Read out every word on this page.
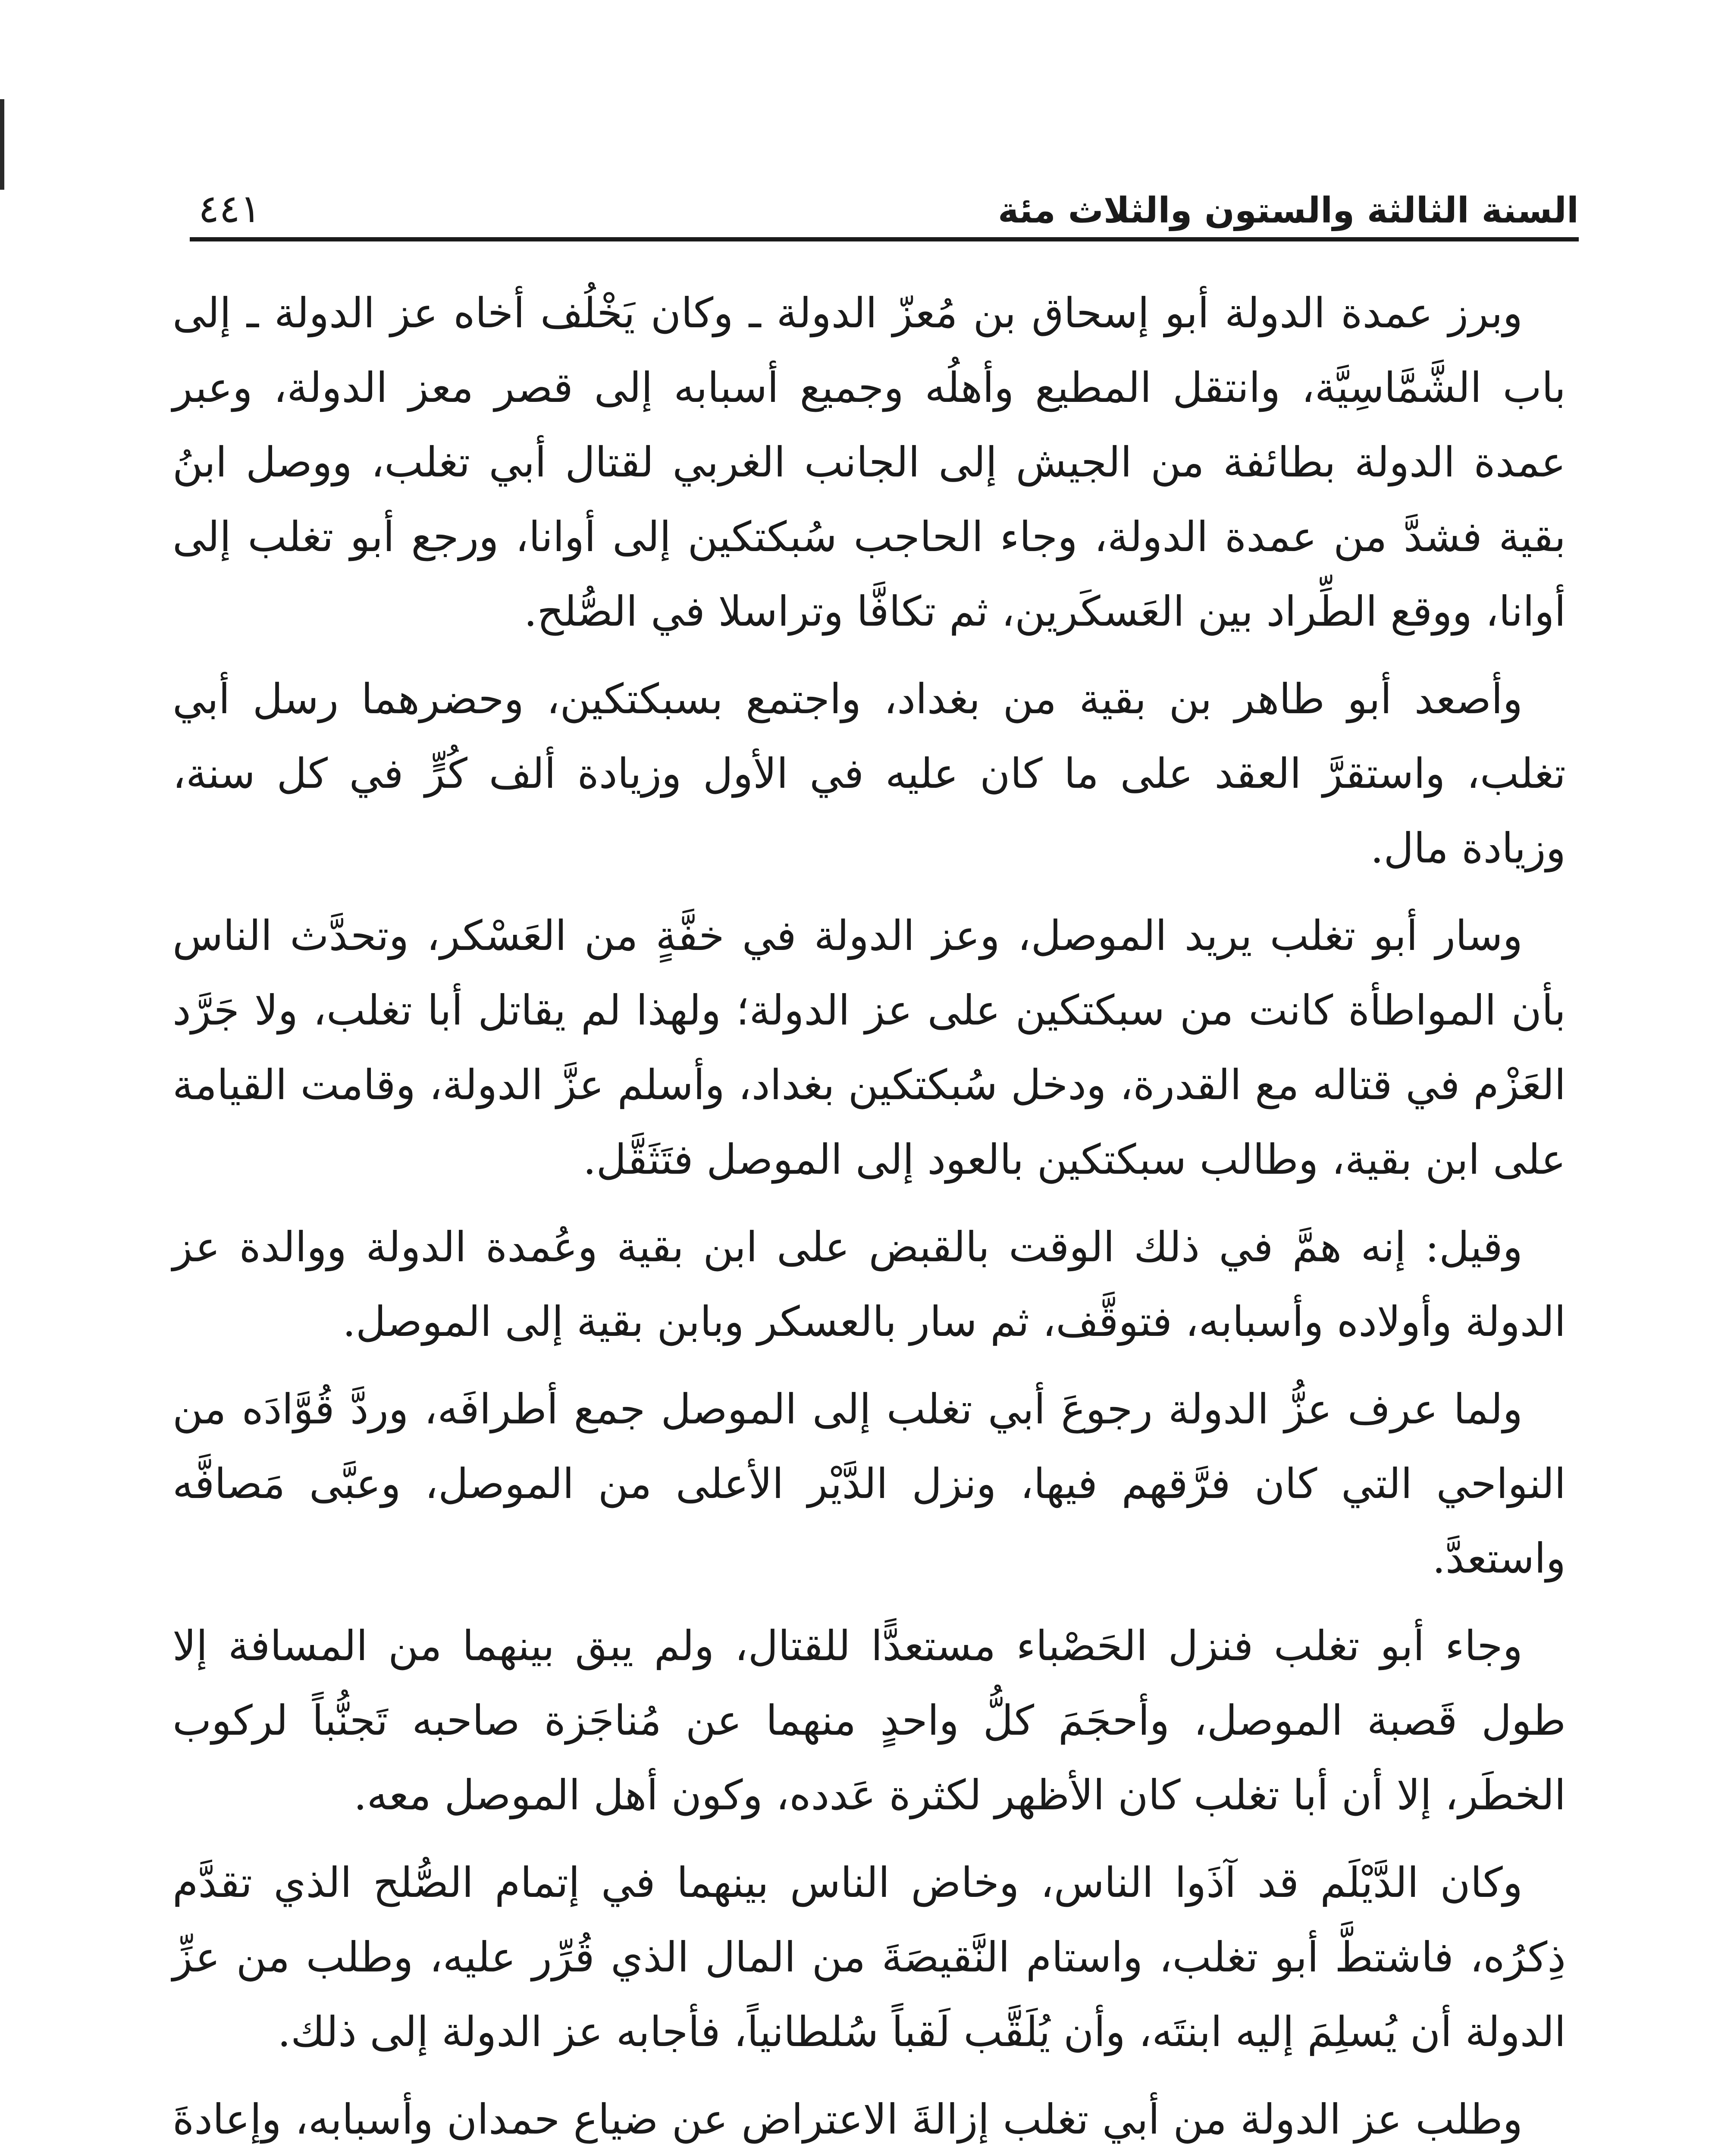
السنة الثالثة والستون والثلاث مئة
٤٤١

وبرز عمدة الدولة أبو إسحاق بن مُعزّ الدولة ـ وكان يَخْلُف أخاه عز الدولة ـ إلى باب الشَّمَّاسِيَّة، وانتقل المطيع وأهلُه وجميع أسبابه إلى قصر معز الدولة، وعبر عمدة الدولة بطائفة من الجيش إلى الجانب الغربي لقتال أبي تغلب، ووصل ابنُ بقية فشدَّ من عمدة الدولة، وجاء الحاجب سُبكتكين إلى أوانا، ورجع أبو تغلب إلى أوانا، ووقع الطِّراد بين العَسكَرين، ثم تكافَّا وتراسلا في الصُّلح.

وأصعد أبو طاهر بن بقية من بغداد، واجتمع بسبكتكين، وحضرهما رسل أبي تغلب، واستقرَّ العقد على ما كان عليه في الأول وزيادة ألف كُرٍّ في كل سنة، وزيادة مال.

وسار أبو تغلب يريد الموصل، وعز الدولة في خفَّةٍ من العَسْكر، وتحدَّث الناس بأن المواطأة كانت من سبكتكين على عز الدولة؛ ولهذا لم يقاتل أبا تغلب، ولا جَرَّد العَزْم في قتاله مع القدرة، ودخل سُبكتكين بغداد، وأسلم عزَّ الدولة، وقامت القيامة على ابن بقية، وطالب سبكتكين بالعود إلى الموصل فتَثَقَّل.

وقيل: إنه همَّ في ذلك الوقت بالقبض على ابن بقية وعُمدة الدولة ووالدة عز الدولة وأولاده وأسبابه، فتوقَّف، ثم سار بالعسكر وبابن بقية إلى الموصل.

ولما عرف عزُّ الدولة رجوعَ أبي تغلب إلى الموصل جمع أطرافَه، وردَّ قُوَّادَه من النواحي التي كان فرَّقهم فيها، ونزل الدَّيْر الأعلى من الموصل، وعبَّى مَصافَّه واستعدَّ.

وجاء أبو تغلب فنزل الحَصْباء مستعدًّا للقتال، ولم يبق بينهما من المسافة إلا طول قَصبة الموصل، وأحجَمَ كلُّ واحدٍ منهما عن مُناجَزة صاحبه تَجنُّباً لركوب الخطَر، إلا أن أبا تغلب كان الأظهر لكثرة عَدده، وكون أهل الموصل معه.

وكان الدَّيْلَم قد آذَوا الناس، وخاض الناس بينهما في إتمام الصُّلح الذي تقدَّم ذِكرُه، فاشتطَّ أبو تغلب، واستام النَّقيصَةَ من المال الذي قُرِّر عليه، وطلب من عزِّ الدولة أن يُسلِمَ إليه ابنتَه، وأن يُلَقَّب لَقباً سُلطانياً، فأجابه عز الدولة إلى ذلك.

وطلب عز الدولة من أبي تغلب إزالةَ الاعتراض عن ضياع حمدان وأسبابه، وإعادةَ
